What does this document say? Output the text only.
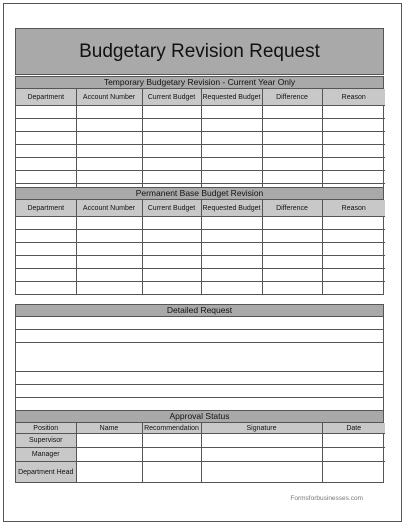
Budgetary Revision Request
Temporary Budgetary Revision - Current Year Only
Department	Account Number	Current Budget	Requested Budget	Difference	Reason

Permanent Base Budget Revision
Department	Account Number	Current Budget	Requested Budget	Difference	Reason

Detailed Request
Approval Status
Position	Name	Recommendation	Signature	Date
Supervisor				
Manager				
Department Head				
Formsforbusinesses.com
